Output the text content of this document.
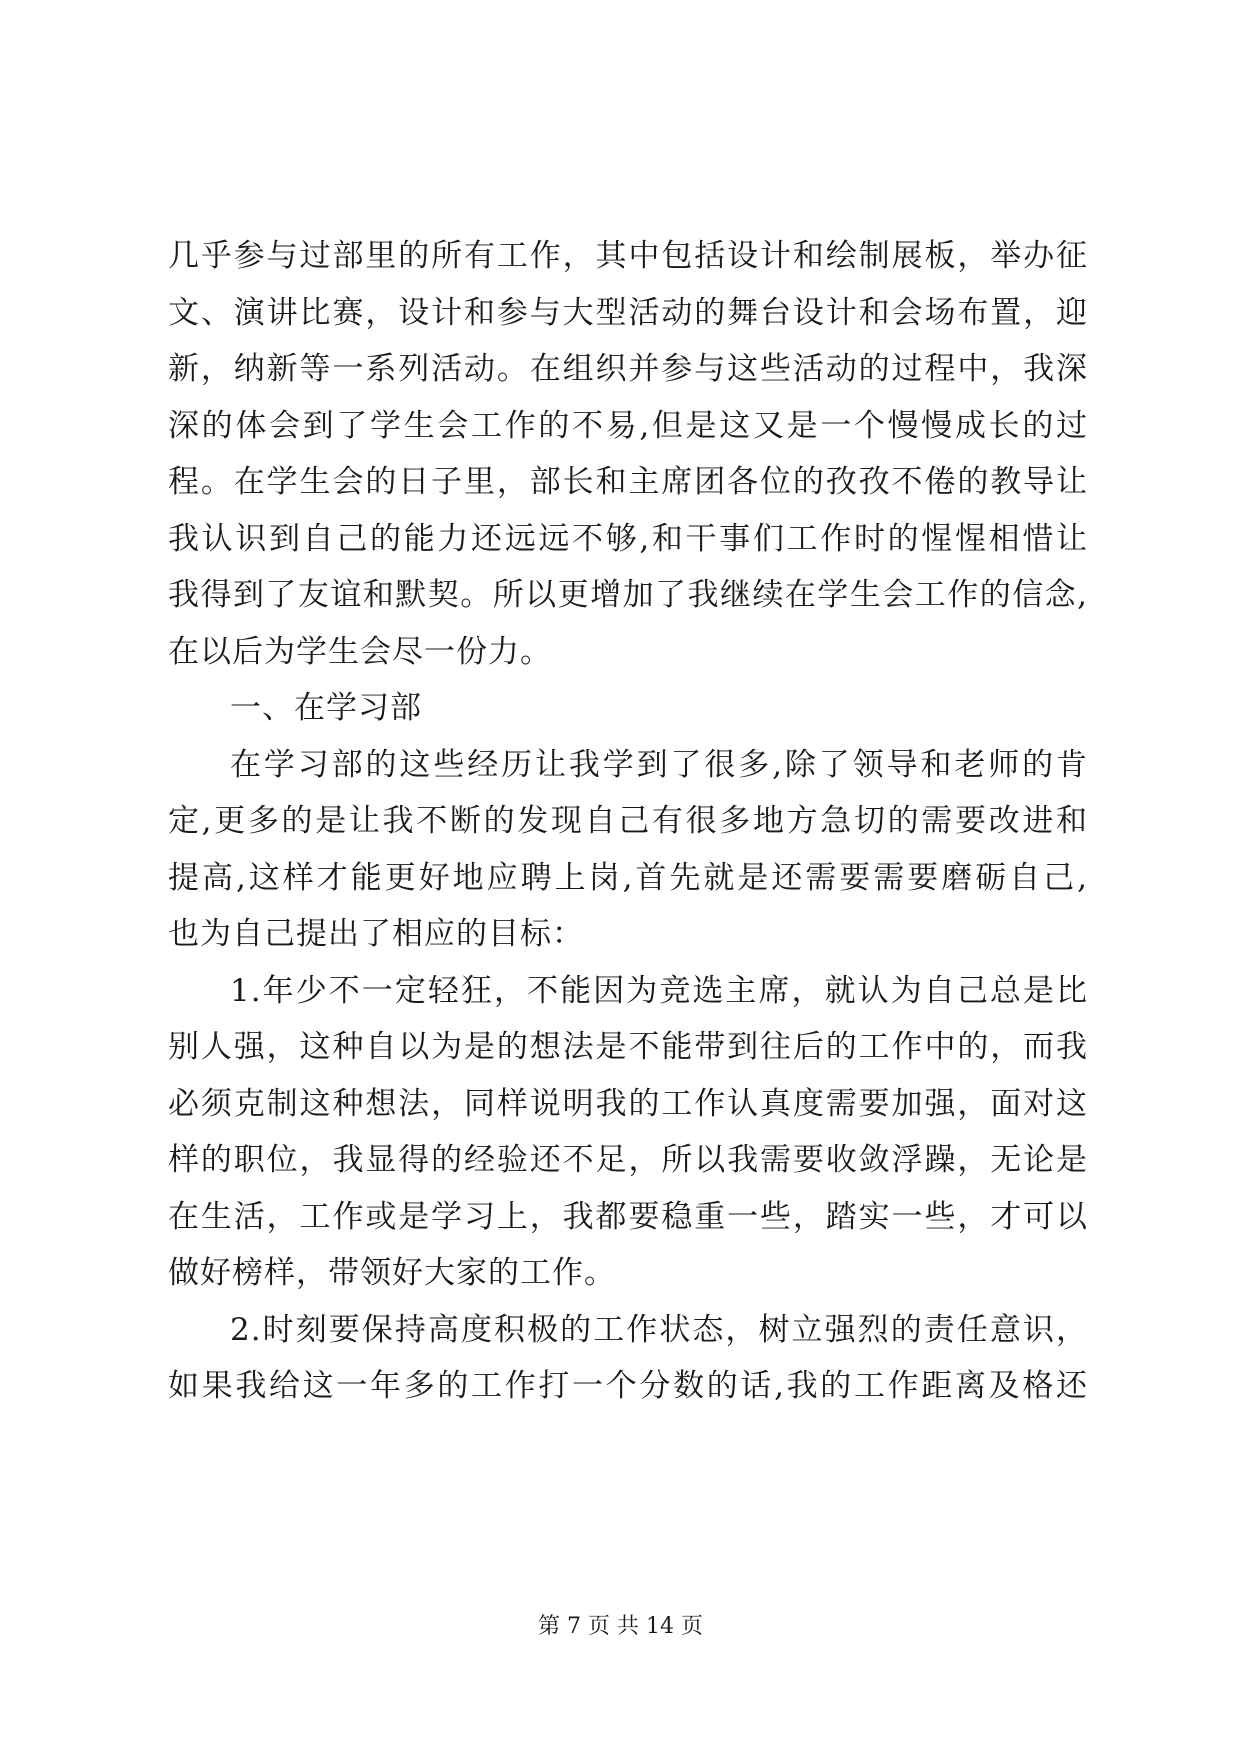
几乎参与过部里的所有工作，其中包括设计和绘制展板，举办征
文、演讲比赛，设计和参与大型活动的舞台设计和会场布置，迎
新，纳新等一系列活动。在组织并参与这些活动的过程中，我深
深的体会到了学生会工作的不易,但是这又是一个慢慢成长的过
程。在学生会的日子里，部长和主席团各位的孜孜不倦的教导让
我认识到自己的能力还远远不够,和干事们工作时的惺惺相惜让
我得到了友谊和默契。所以更增加了我继续在学生会工作的信念,
在以后为学生会尽一份力。
一、在学习部
在学习部的这些经历让我学到了很多,除了领导和老师的肯
定,更多的是让我不断的发现自己有很多地方急切的需要改进和
提高,这样才能更好地应聘上岗,首先就是还需要需要磨砺自己,
也为自己提出了相应的目标：
1.年少不一定轻狂，不能因为竞选主席，就认为自己总是比
别人强，这种自以为是的想法是不能带到往后的工作中的，而我
必须克制这种想法，同样说明我的工作认真度需要加强，面对这
样的职位，我显得的经验还不足，所以我需要收敛浮躁，无论是
在生活，工作或是学习上，我都要稳重一些，踏实一些，才可以
做好榜样，带领好大家的工作。
2.时刻要保持高度积极的工作状态，树立强烈的责任意识，
如果我给这一年多的工作打一个分数的话,我的工作距离及格还
第 7 页 共 14 页
